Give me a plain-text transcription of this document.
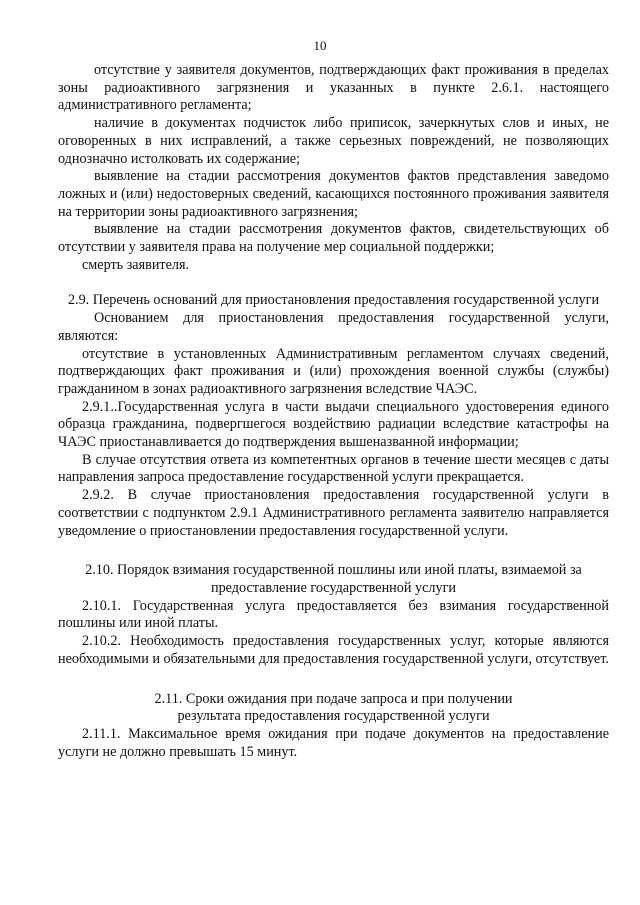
10

отсутствие у заявителя документов, подтверждающих факт проживания в пределах зоны радиоактивного загрязнения и указанных в пункте 2.6.1. настоящего административного регламента;

наличие в документах подчисток либо приписок, зачеркнутых слов и иных, не оговоренных в них исправлений, а также серьезных повреждений, не позволяющих однозначно истолковать их содержание;

выявление на стадии рассмотрения документов фактов представления заведомо ложных и (или) недостоверных сведений, касающихся постоянного проживания заявителя на территории зоны радиоактивного загрязнения;

выявление на стадии рассмотрения документов фактов, свидетельствующих об отсутствии у заявителя права на получение мер социальной поддержки;

смерть заявителя.

2.9. Перечень оснований для приостановления предоставления государственной услуги

Основанием для приостановления предоставления государственной услуги, являются:

отсутствие в установленных Административным регламентом случаях сведений, подтверждающих факт проживания и (или) прохождения военной службы (службы) гражданином в зонах радиоактивного загрязнения вследствие ЧАЭС.

2.9.1..Государственная услуга в части выдачи специального удостоверения единого образца гражданина, подвергшегося воздействию радиации вследствие катастрофы на ЧАЭС приостанавливается до подтверждения вышеназванной информации;

В случае отсутствия ответа из компетентных органов в течение шести месяцев с даты направления запроса предоставление государственной услуги прекращается.

2.9.2. В случае приостановления предоставления государственной услуги в соответствии с подпунктом 2.9.1 Административного регламента заявителю направляется уведомление о приостановлении предоставления государственной услуги.

2.10. Порядок взимания государственной пошлины или иной платы, взимаемой за предоставление государственной услуги

2.10.1. Государственная услуга предоставляется без взимания государственной пошлины или иной платы.

2.10.2. Необходимость предоставления государственных услуг, которые являются необходимыми и обязательными для предоставления государственной услуги, отсутствует.

2.11. Сроки ожидания при подаче запроса и при получении

результата предоставления государственной услуги

2.11.1. Максимальное время ожидания при подаче документов на предоставление услуги не должно превышать 15 минут.
